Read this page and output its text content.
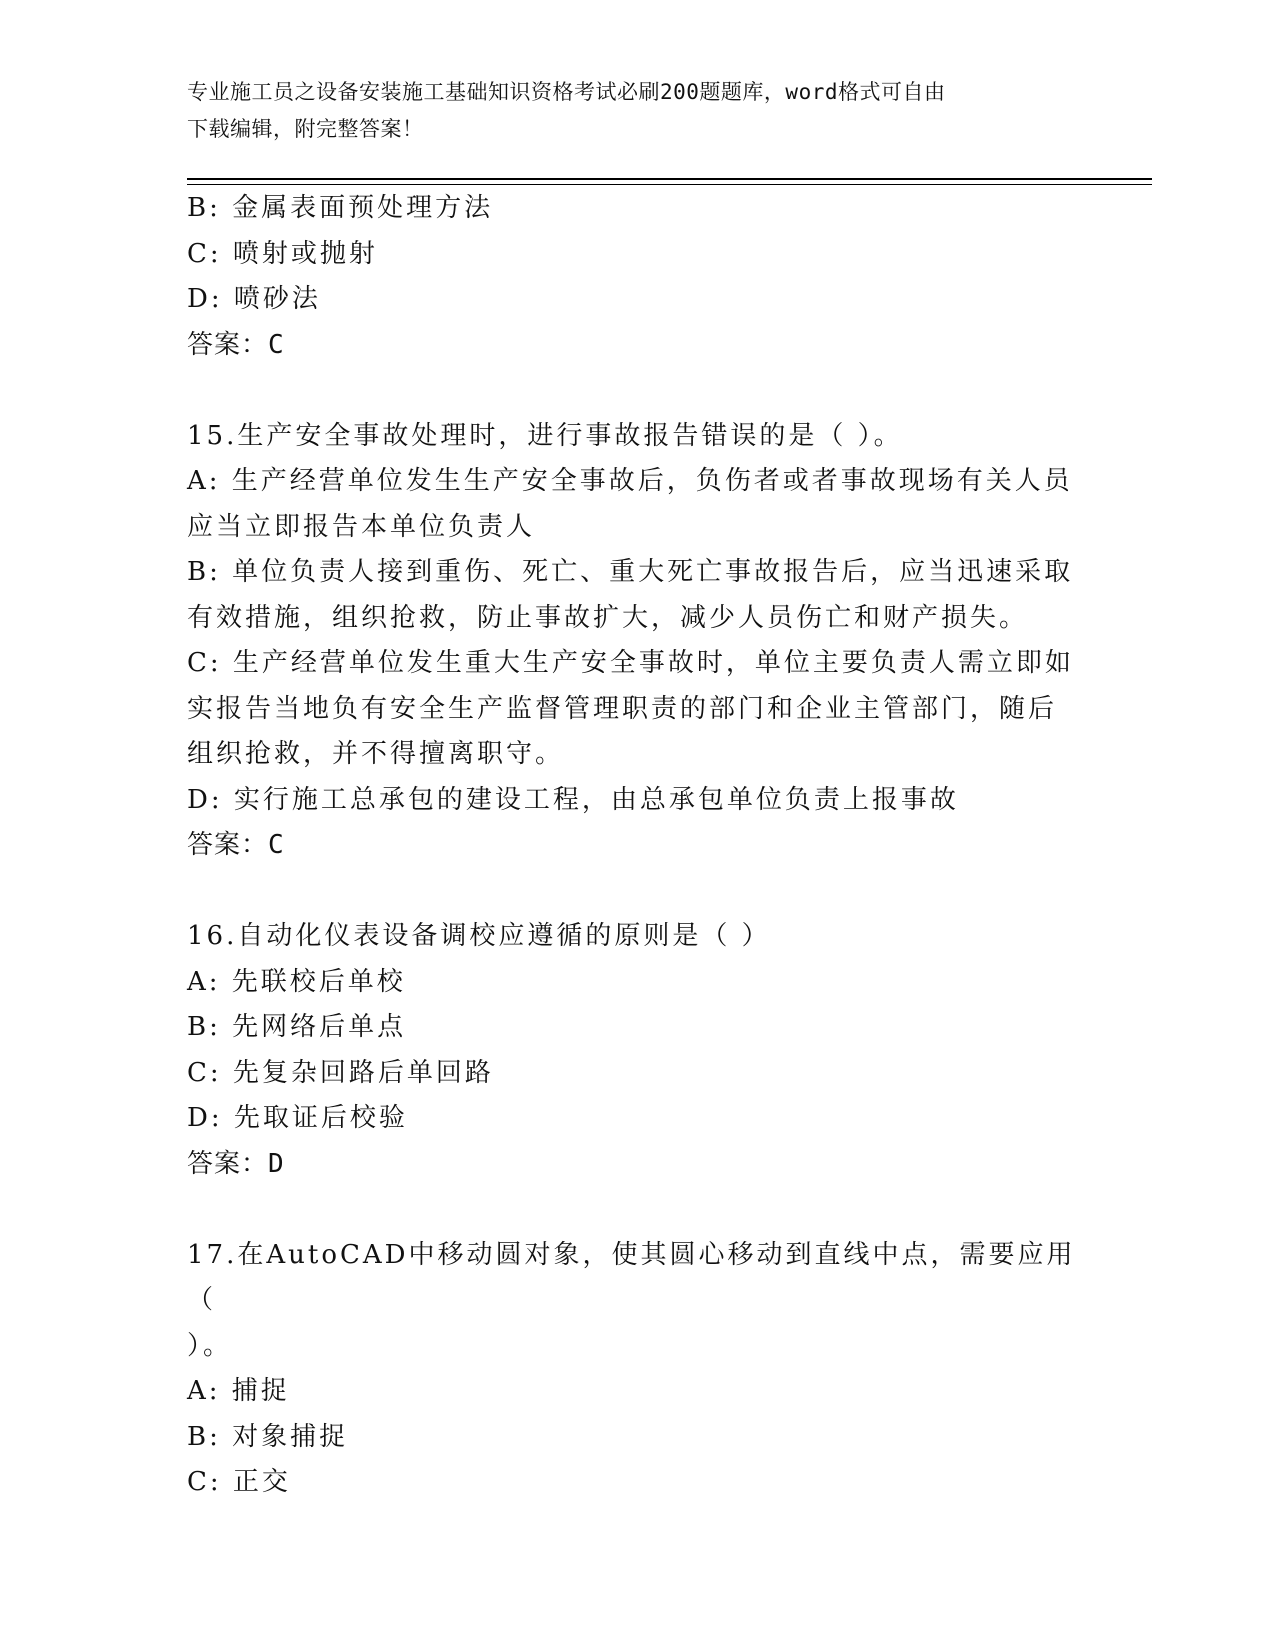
专业施工员之设备安装施工基础知识资格考试必刷200题题库，word格式可自由
下载编辑，附完整答案！
B: 金属表面预处理方法
C: 喷射或抛射
D: 喷砂法
答案：C
15.生产安全事故处理时，进行事故报告错误的是（ ）。
A: 生产经营单位发生生产安全事故后，负伤者或者事故现场有关人员
应当立即报告本单位负责人
B: 单位负责人接到重伤、死亡、重大死亡事故报告后，应当迅速采取
有效措施，组织抢救，防止事故扩大，减少人员伤亡和财产损失。
C: 生产经营单位发生重大生产安全事故时，单位主要负责人需立即如
实报告当地负有安全生产监督管理职责的部门和企业主管部门，随后
组织抢救，并不得擅离职守。
D: 实行施工总承包的建设工程，由总承包单位负责上报事故
答案：C
16.自动化仪表设备调校应遵循的原则是（ ）
A: 先联校后单校
B: 先网络后单点
C: 先复杂回路后单回路
D: 先取证后校验
答案：D
17.在AutoCAD中移动圆对象，使其圆心移动到直线中点，需要应用（
）。
A: 捕捉
B: 对象捕捉
C: 正交
